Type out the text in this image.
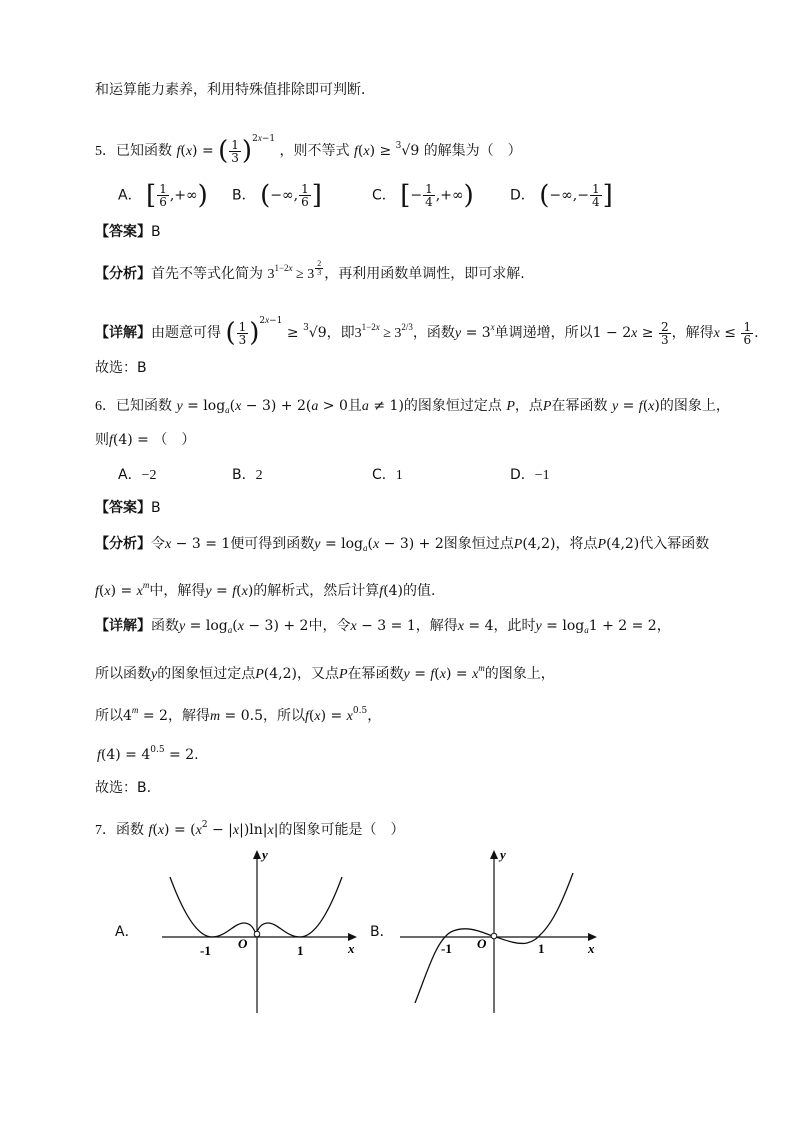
和运算能力素养，利用特殊值排除即可判断．
5．已知函数 f(x) = ( $\frac{1}{3} )^{2x-1}$ ，则不等式 f(x) ≥ $^3$√9 的解集为（　）
A． [ $\frac{1}{6}$ ,+∞) B． (−∞, $\frac{1}{6}$ ]	C． [− $\frac{1}{4}$ ,+∞)	D． (−∞,− $\frac{1}{4}$ ]
【答案】B
【分析】首先不等式化简为 $3^{1-2x} \ge 3$ $^{\frac{2}{3}}$ ，再利用函数单调性，即可求解.
【详解】由题意可得 ( $\frac{1}{3} )^{2x-1} \ge ^3√9$，即$3^{1-2x} \ge 3^{2/3}$，函数$y = 3^x$单调递增，所以$1 - 2x \ge \frac{2}{3}$ ，解得$x \le \frac{1}{6}$ .
故选：B
6．已知函数 $y = \log_a(x - 3) + 2(a > 0$且a ≠ 1)的图象恒过定点 P，点P在幂函数 y = f(x)的图象上，
则f(4) = （　）
A．−2	B．2	C．1	D．−1
【答案】B
【分析】令x − 3 = 1便可得到函数$y = \log_a(x - 3) + 2$图象恒过点P(4,2)，将点P(4,2)代入幂函数
$f(x) = x^m$中，解得y = f(x)的解析式，然后计算f(4)的值.
【详解】函数$y = \log_a(x - 3) + 2$中，令x − 3 = 1，解得x = 4，此时$y = \log_a1 + 2 = 2$，
所以函数y的图象恒过定点P(4,2)，又点P在幂函数$y = f(x) = x^m$的图象上，
所以$4^m = 2$，解得m = 0.5，所以$f(x) = x^{0.5}$，
$f(4) = 4^{0.5} = 2$.
故选：B.
7．函数 $f(x) = (x^2 - |x|)\ln|x|$的图象可能是（　）
A．
y
x
O
-1	1
B．
y
x
O
-1	1
